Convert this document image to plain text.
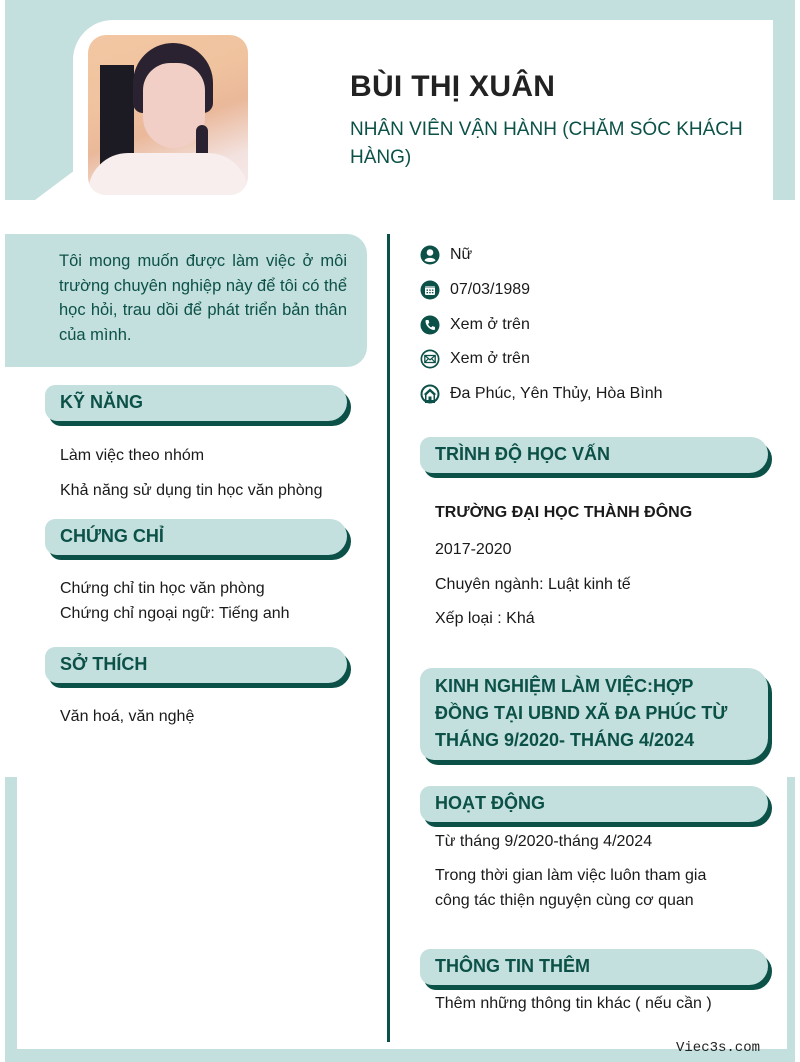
BÙI THỊ XUÂN
NHÂN VIÊN VẬN HÀNH (CHĂM SÓC KHÁCH HÀNG)
Tôi mong muốn được làm việc ở môi trường chuyên nghiệp này để tôi có thể học hỏi, trau dồi để phát triển bản thân của mình.
Nữ
07/03/1989
Xem ở trên
Xem ở trên
Đa Phúc, Yên Thủy, Hòa Bình
KỸ NĂNG
Làm việc theo nhóm
Khả năng sử dụng tin học văn phòng
CHỨNG CHỈ
Chứng chỉ tin học văn phòng
Chứng chỉ ngoại ngữ: Tiếng anh
SỞ THÍCH
Văn hoá, văn nghệ
TRÌNH ĐỘ HỌC VẤN
TRƯỜNG ĐẠI HỌC THÀNH ĐÔNG
2017-2020
Chuyên ngành: Luật kinh tế
Xếp loại : Khá
KINH NGHIỆM LÀM VIỆC:HỢP
ĐỒNG TẠI UBND XÃ ĐA PHÚC TỪ
THÁNG 9/2020- THÁNG 4/2024
HOẠT ĐỘNG
Từ tháng 9/2020-tháng 4/2024
Trong thời gian làm việc luôn tham gia
công tác thiện nguyện cùng cơ quan
THÔNG TIN THÊM
Thêm những thông tin khác ( nếu cần )
Viec3s.com
